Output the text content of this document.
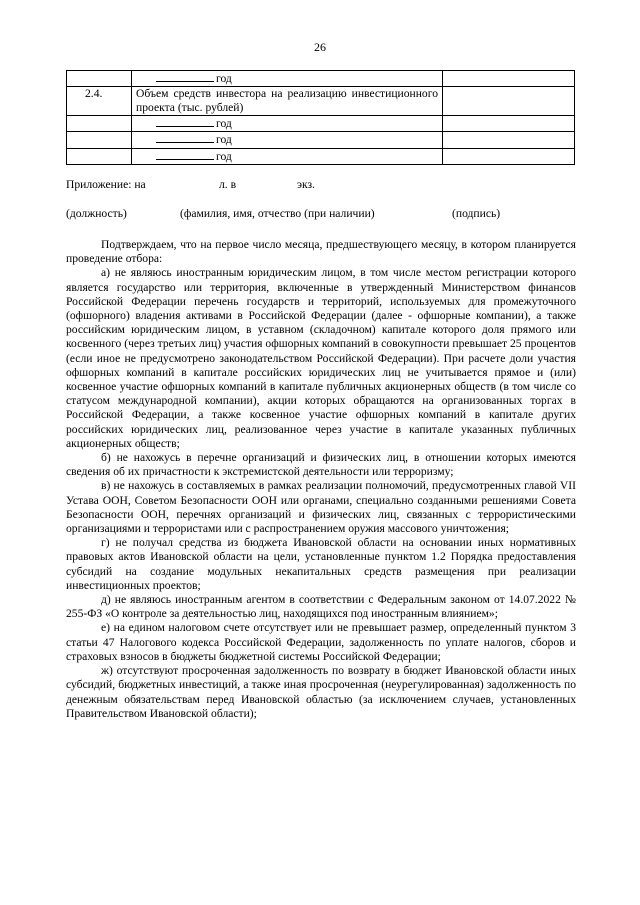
26
	год	
2.4.	Объем средств инвестора на реализацию инвестиционного проекта (тыс. рублей)	
	год	
	год	
	год	
Приложение: на	л. в	экз.
(должность)	(фамилия, имя, отчество (при наличии)	(подпись)

Подтверждаем, что на первое число месяца, предшествующего месяцу, в котором планируется проведение отбора:

а) не являюсь иностранным юридическим лицом, в том числе местом регистрации которого является государство или территория, включенные в утвержденный Министерством финансов Российской Федерации перечень государств и территорий, используемых для промежуточного (офшорного) владения активами в Российской Федерации (далее - офшорные компании), а также российским юридическим лицом, в уставном (складочном) капитале которого доля прямого или косвенного (через третьих лиц) участия офшорных компаний в совокупности превышает 25 процентов (если иное не предусмотрено законодательством Российской Федерации). При расчете доли участия офшорных компаний в капитале российских юридических лиц не учитывается прямое и (или) косвенное участие офшорных компаний в капитале публичных акционерных обществ (в том числе со статусом международной компании), акции которых обращаются на организованных торгах в Российской Федерации, а также косвенное участие офшорных компаний в капитале других российских юридических лиц, реализованное через участие в капитале указанных публичных акционерных обществ;

б) не нахожусь в перечне организаций и физических лиц, в отношении которых имеются сведения об их причастности к экстремистской деятельности или терроризму;

в) не нахожусь в составляемых в рамках реализации полномочий, предусмотренных главой VII Устава ООН, Советом Безопасности ООН или органами, специально созданными решениями Совета Безопасности ООН, перечнях организаций и физических лиц, связанных с террористическими организациями и террористами или с распространением оружия массового уничтожения;

г) не получал средства из бюджета Ивановской области на основании иных нормативных правовых актов Ивановской области на цели, установленные пунктом 1.2 Порядка предоставления субсидий на создание модульных некапитальных средств размещения при реализации инвестиционных проектов;

д) не являюсь иностранным агентом в соответствии с Федеральным законом от 14.07.2022 № 255-ФЗ «О контроле за деятельностью лиц, находящихся под иностранным влиянием»;

е) на едином налоговом счете отсутствует или не превышает размер, определенный пунктом 3 статьи 47 Налогового кодекса Российской Федерации, задолженность по уплате налогов, сборов и страховых взносов в бюджеты бюджетной системы Российской Федерации;

ж) отсутствуют просроченная задолженность по возврату в бюджет Ивановской области иных субсидий, бюджетных инвестиций, а также иная просроченная (неурегулированная) задолженность по денежным обязательствам перед Ивановской областью (за исключением случаев, установленных Правительством Ивановской области);
